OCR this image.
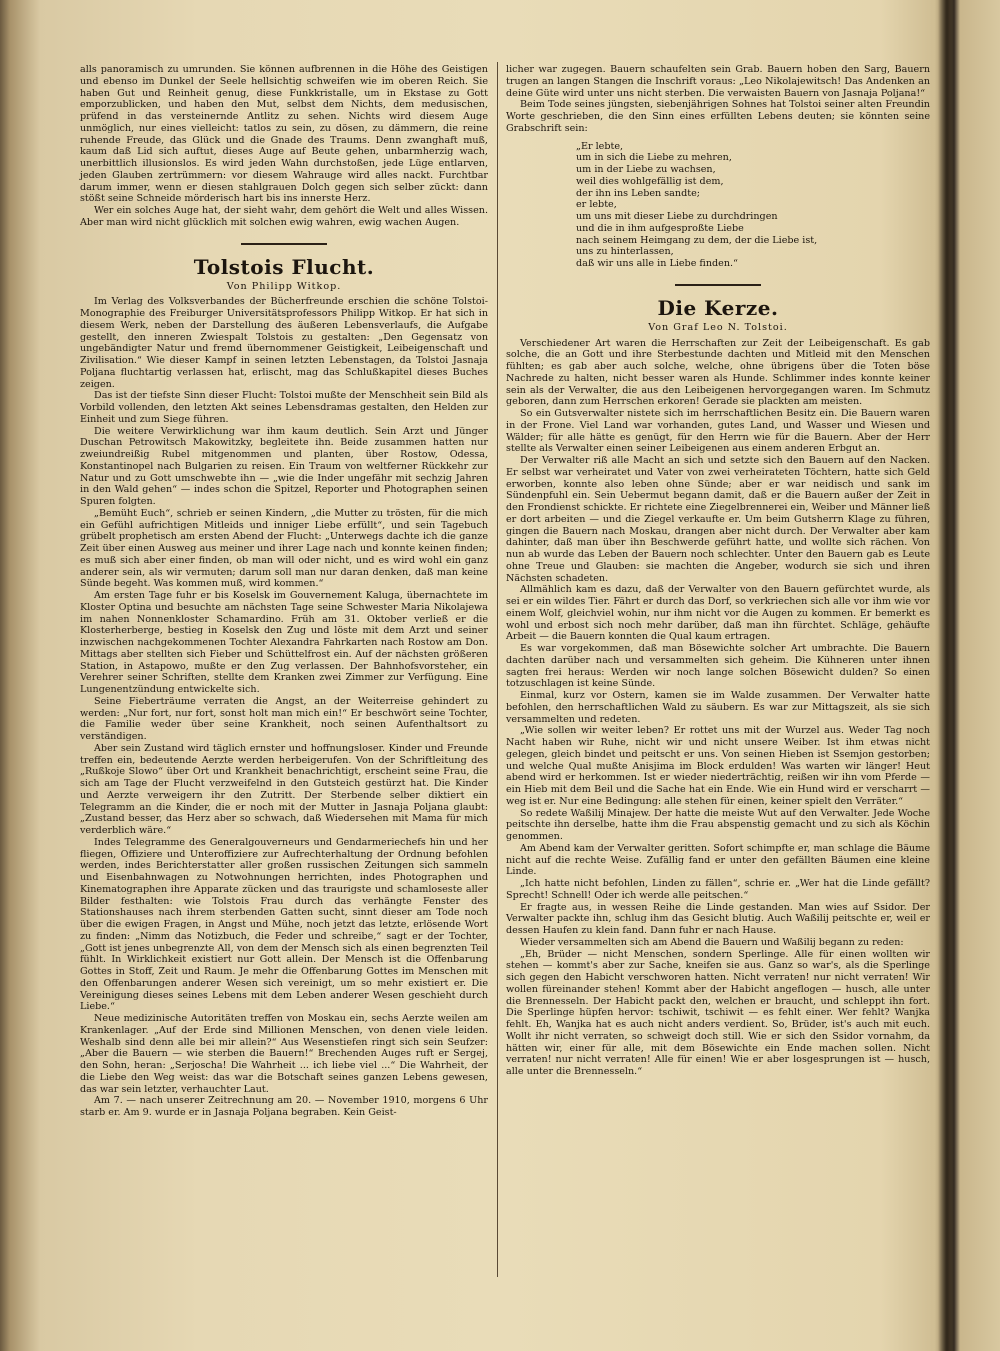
alls panoramisch zu umrunden. Sie können aufbrennen in die Höhe des Geistigen und ebenso im Dunkel der Seele hellsichtig schweifen wie im oberen Reich. Sie haben Gut und Reinheit genug, diese Funkkristalle, um in Ekstase zu Gott emporzublicken, und haben den Mut, selbst dem Nichts, dem medusischen, prüfend in das versteinernde Antlitz zu sehen. Nichts wird diesem Auge unmöglich, nur eines vielleicht: tatlos zu sein, zu dösen, zu dämmern, die reine ruhende Freude, das Glück und die Gnade des Traums. Denn zwanghaft muß, kaum daß Lid sich auftut, dieses Auge auf Beute gehen, unbarmherzig wach, unerbittlich illusionslos. Es wird jeden Wahn durchstoßen, jede Lüge entlarven, jeden Glauben zertrümmern: vor diesem Wahrauge wird alles nackt. Furchtbar darum immer, wenn er diesen stahlgrauen Dolch gegen sich selber zückt: dann stößt seine Schneide mörderisch hart bis ins innerste Herz.

Wer ein solches Auge hat, der sieht wahr, dem gehört die Welt und alles Wissen. Aber man wird nicht glücklich mit solchen ewig wahren, ewig wachen Augen.

Tolstois Flucht.
Von Philipp Witkop.

Im Verlag des Volksverbandes der Bücherfreunde erschien die schöne Tolstoi-Monographie des Freiburger Universitätsprofessors Philipp Witkop. Er hat sich in diesem Werk, neben der Darstellung des äußeren Lebensverlaufs, die Aufgabe gestellt, den inneren Zwiespalt Tolstois zu gestalten: „Den Gegensatz von ungebändigter Natur und fremd übernommener Geistigkeit, Leibeigenschaft und Zivilisation.“ Wie dieser Kampf in seinen letzten Lebenstagen, da Tolstoi Jasnaja Poljana fluchtartig verlassen hat, erlischt, mag das Schlußkapitel dieses Buches zeigen.

Das ist der tiefste Sinn dieser Flucht: Tolstoi mußte der Menschheit sein Bild als Vorbild vollenden, den letzten Akt seines Lebensdramas gestalten, den Helden zur Einheit und zum Siege führen.

Die weitere Verwirklichung war ihm kaum deutlich. Sein Arzt und Jünger Duschan Petrowitsch Makowitzky, begleitete ihn. Beide zusammen hatten nur zweiundreißig Rubel mitgenommen und planten, über Rostow, Odessa, Konstantinopel nach Bulgarien zu reisen. Ein Traum von weltferner Rückkehr zur Natur und zu Gott umschwebte ihn — „wie die Inder ungefähr mit sechzig Jahren in den Wald gehen“ — indes schon die Spitzel, Reporter und Photographen seinen Spuren folgten.

„Bemüht Euch“, schrieb er seinen Kindern, „die Mutter zu trösten, für die mich ein Gefühl aufrichtigen Mitleids und inniger Liebe erfüllt“, und sein Tagebuch grübelt prophetisch am ersten Abend der Flucht: „Unterwegs dachte ich die ganze Zeit über einen Ausweg aus meiner und ihrer Lage nach und konnte keinen finden; es muß sich aber einer finden, ob man will oder nicht, und es wird wohl ein ganz anderer sein, als wir vermuten; darum soll man nur daran denken, daß man keine Sünde begeht. Was kommen muß, wird kommen.“

Am ersten Tage fuhr er bis Koselsk im Gouvernement Kaluga, übernachtete im Kloster Optina und besuchte am nächsten Tage seine Schwester Maria Nikolajewa im nahen Nonnenkloster Schamardino. Früh am 31. Oktober verließ er die Klosterherberge, bestieg in Koselsk den Zug und löste mit dem Arzt und seiner inzwischen nachgekommenen Tochter Alexandra Fahrkarten nach Rostow am Don. Mittags aber stellten sich Fieber und Schüttelfrost ein. Auf der nächsten größeren Station, in Astapowo, mußte er den Zug verlassen. Der Bahnhofsvorsteher, ein Verehrer seiner Schriften, stellte dem Kranken zwei Zimmer zur Verfügung. Eine Lungenentzündung entwickelte sich.

Seine Fieberträume verraten die Angst, an der Weiterreise gehindert zu werden: „Nur fort, nur fort, sonst holt man mich ein!“ Er beschwört seine Tochter, die Familie weder über seine Krankheit, noch seinen Aufenthaltsort zu verständigen.

Aber sein Zustand wird täglich ernster und hoffnungsloser. Kinder und Freunde treffen ein, bedeutende Aerzte werden herbeigerufen. Von der Schriftleitung des „Rußkoje Slowo“ über Ort und Krankheit benachrichtigt, erscheint seine Frau, die sich am Tage der Flucht verzweifelnd in den Gutsteich gestürzt hat. Die Kinder und Aerzte verweigern ihr den Zutritt. Der Sterbende selber diktiert ein Telegramm an die Kinder, die er noch mit der Mutter in Jasnaja Poljana glaubt: „Zustand besser, das Herz aber so schwach, daß Wiedersehen mit Mama für mich verderblich wäre.“

Indes Telegramme des Generalgouverneurs und Gendarmeriechefs hin und her fliegen, Offiziere und Unteroffiziere zur Aufrechterhaltung der Ordnung befohlen werden, indes Berichterstatter aller großen russischen Zeitungen sich sammeln und Eisenbahnwagen zu Notwohnungen herrichten, indes Photographen und Kinematographen ihre Apparate zücken und das traurigste und schamloseste aller Bilder festhalten: wie Tolstois Frau durch das verhängte Fenster des Stationshauses nach ihrem sterbenden Gatten sucht, sinnt dieser am Tode noch über die ewigen Fragen, in Angst und Mühe, noch jetzt das letzte, erlösende Wort zu finden: „Nimm das Notizbuch, die Feder und schreibe,“ sagt er der Tochter, „Gott ist jenes unbegrenzte All, von dem der Mensch sich als einen begrenzten Teil fühlt. In Wirklichkeit existiert nur Gott allein. Der Mensch ist die Offenbarung Gottes in Stoff, Zeit und Raum. Je mehr die Offenbarung Gottes im Menschen mit den Offenbarungen anderer Wesen sich vereinigt, um so mehr existiert er. Die Vereinigung dieses seines Lebens mit dem Leben anderer Wesen geschieht durch Liebe.“

Neue medizinische Autoritäten treffen von Moskau ein, sechs Aerzte weilen am Krankenlager. „Auf der Erde sind Millionen Menschen, von denen viele leiden. Weshalb sind denn alle bei mir allein?“ Aus Wesenstiefen ringt sich sein Seufzer: „Aber die Bauern — wie sterben die Bauern!“ Brechenden Auges ruft er Sergej, den Sohn, heran: „Serjoscha! Die Wahrheit ... ich liebe viel ...“ Die Wahrheit, der die Liebe den Weg weist: das war die Botschaft seines ganzen Lebens gewesen, das war sein letzter, verhauchter Laut.

Am 7. — nach unserer Zeitrechnung am 20. — November 1910, morgens 6 Uhr starb er. Am 9. wurde er in Jasnaja Poljana begraben. Kein Geist-

licher war zugegen. Bauern schaufelten sein Grab. Bauern hoben den Sarg, Bauern trugen an langen Stangen die Inschrift voraus: „Leo Nikolajewitsch! Das Andenken an deine Güte wird unter uns nicht sterben. Die verwaisten Bauern von Jasnaja Poljana!“

Beim Tode seines jüngsten, siebenjährigen Sohnes hat Tolstoi seiner alten Freundin Worte geschrieben, die den Sinn eines erfüllten Lebens deuten; sie könnten seine Grabschrift sein:

„Er lebte,
um in sich die Liebe zu mehren,
um in der Liebe zu wachsen,
weil dies wohlgefällig ist dem,
der ihn ins Leben sandte;
er lebte,
um uns mit dieser Liebe zu durchdringen
und die in ihm aufgesproßte Liebe
nach seinem Heimgang zu dem, der die Liebe ist,
uns zu hinterlassen,
daß wir uns alle in Liebe finden.“
Die Kerze.
Von Graf Leo N. Tolstoi.

Verschiedener Art waren die Herrschaften zur Zeit der Leibeigenschaft. Es gab solche, die an Gott und ihre Sterbestunde dachten und Mitleid mit den Menschen fühlten; es gab aber auch solche, welche, ohne übrigens über die Toten böse Nachrede zu halten, nicht besser waren als Hunde. Schlimmer indes konnte keiner sein als der Verwalter, die aus den Leibeigenen hervorgegangen waren. Im Schmutz geboren, dann zum Herrschen erkoren! Gerade sie plackten am meisten.

So ein Gutsverwalter nistete sich im herrschaftlichen Besitz ein. Die Bauern waren in der Frone. Viel Land war vorhanden, gutes Land, und Wasser und Wiesen und Wälder; für alle hätte es genügt, für den Herrn wie für die Bauern. Aber der Herr stellte als Verwalter einen seiner Leibeigenen aus einem anderen Erbgut an.

Der Verwalter riß alle Macht an sich und setzte sich den Bauern auf den Nacken. Er selbst war verheiratet und Vater von zwei verheirateten Töchtern, hatte sich Geld erworben, konnte also leben ohne Sünde; aber er war neidisch und sank im Sündenpfuhl ein. Sein Uebermut begann damit, daß er die Bauern außer der Zeit in den Frondienst schickte. Er richtete eine Ziegelbrennerei ein, Weiber und Männer ließ er dort arbeiten — und die Ziegel verkaufte er. Um beim Gutsherrn Klage zu führen, gingen die Bauern nach Moskau, drangen aber nicht durch. Der Verwalter aber kam dahinter, daß man über ihn Beschwerde geführt hatte, und wollte sich rächen. Von nun ab wurde das Leben der Bauern noch schlechter. Unter den Bauern gab es Leute ohne Treue und Glauben: sie machten die Angeber, wodurch sie sich und ihren Nächsten schadeten.

Allmählich kam es dazu, daß der Verwalter von den Bauern gefürchtet wurde, als sei er ein wildes Tier. Fährt er durch das Dorf, so verkriechen sich alle vor ihm wie vor einem Wolf, gleichviel wohin, nur ihm nicht vor die Augen zu kommen. Er bemerkt es wohl und erbost sich noch mehr darüber, daß man ihn fürchtet. Schläge, gehäufte Arbeit — die Bauern konnten die Qual kaum ertragen.

Es war vorgekommen, daß man Bösewichte solcher Art umbrachte. Die Bauern dachten darüber nach und versammelten sich geheim. Die Kühneren unter ihnen sagten frei heraus: Werden wir noch lange solchen Bösewicht dulden? So einen totzuschlagen ist keine Sünde.

Einmal, kurz vor Ostern, kamen sie im Walde zusammen. Der Verwalter hatte befohlen, den herrschaftlichen Wald zu säubern. Es war zur Mittagszeit, als sie sich versammelten und redeten.

„Wie sollen wir weiter leben? Er rottet uns mit der Wurzel aus. Weder Tag noch Nacht haben wir Ruhe, nicht wir und nicht unsere Weiber. Ist ihm etwas nicht gelegen, gleich bindet und peitscht er uns. Von seinen Hieben ist Ssemjon gestorben; und welche Qual mußte Anisjima im Block erdulden! Was warten wir länger! Heut abend wird er herkommen. Ist er wieder niederträchtig, reißen wir ihn vom Pferde — ein Hieb mit dem Beil und die Sache hat ein Ende. Wie ein Hund wird er verscharrt — weg ist er. Nur eine Bedingung: alle stehen für einen, keiner spielt den Verräter.“

So redete Waßilij Minajew. Der hatte die meiste Wut auf den Verwalter. Jede Woche peitschte ihn derselbe, hatte ihm die Frau abspenstig gemacht und zu sich als Köchin genommen.

Am Abend kam der Verwalter geritten. Sofort schimpfte er, man schlage die Bäume nicht auf die rechte Weise. Zufällig fand er unter den gefällten Bäumen eine kleine Linde.

„Ich hatte nicht befohlen, Linden zu fällen“, schrie er. „Wer hat die Linde gefällt? Sprecht! Schnell! Oder ich werde alle peitschen.“

Er fragte aus, in wessen Reihe die Linde gestanden. Man wies auf Ssidor. Der Verwalter packte ihn, schlug ihm das Gesicht blutig. Auch Waßilij peitschte er, weil er dessen Haufen zu klein fand. Dann fuhr er nach Hause.

Wieder versammelten sich am Abend die Bauern und Waßilij begann zu reden:

„Eh, Brüder — nicht Menschen, sondern Sperlinge. Alle für einen wollten wir stehen — kommt's aber zur Sache, kneifen sie aus. Ganz so war's, als die Sperlinge sich gegen den Habicht verschworen hatten. Nicht verraten! nur nicht verraten! Wir wollen füreinander stehen! Kommt aber der Habicht angeflogen — husch, alle unter die Brennesseln. Der Habicht packt den, welchen er braucht, und schleppt ihn fort. Die Sperlinge hüpfen hervor: tschiwit, tschiwit — es fehlt einer. Wer fehlt? Wanjka fehlt. Eh, Wanjka hat es auch nicht anders verdient. So, Brüder, ist's auch mit euch. Wollt ihr nicht verraten, so schweigt doch still. Wie er sich den Ssidor vornahm, da hätten wir, einer für alle, mit dem Bösewichte ein Ende machen sollen. Nicht verraten! nur nicht verraten! Alle für einen! Wie er aber losgesprungen ist — husch, alle unter die Brennesseln.“
